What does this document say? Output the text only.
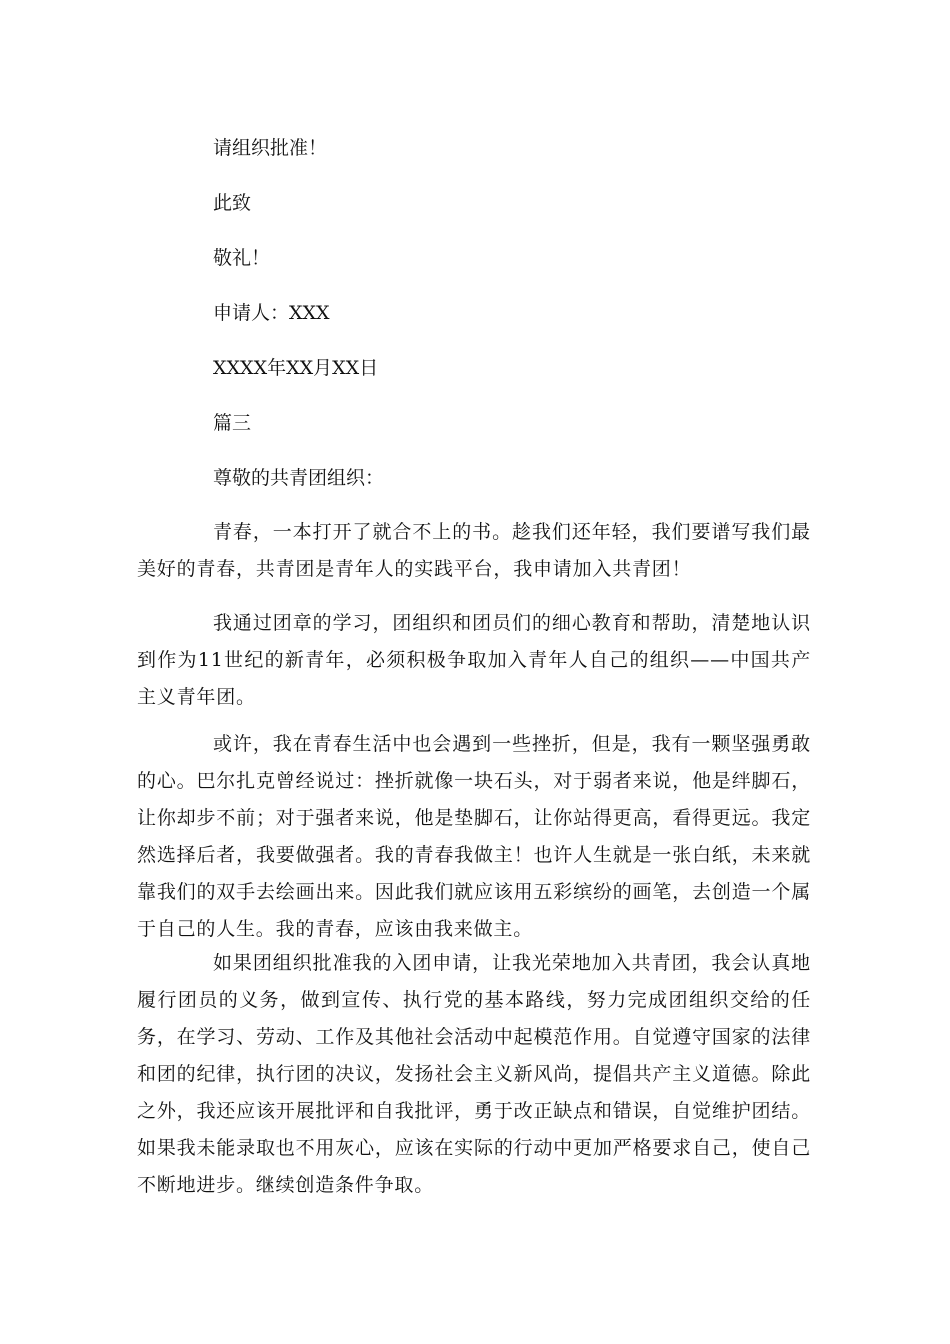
请组织批准！

此致

敬礼！

申请人：XXX

XXXX年XX月XX日

篇三

尊敬的共青团组织：

青春，一本打开了就合不上的书。趁我们还年轻，我们要谱写我们最美好的青春，共青团是青年人的实践平台，我申请加入共青团！

我通过团章的学习，团组织和团员们的细心教育和帮助，清楚地认识到作为11世纪的新青年，必须积极争取加入青年人自己的组织——中国共产主义青年团。

或许，我在青春生活中也会遇到一些挫折，但是，我有一颗坚强勇敢的心。巴尔扎克曾经说过：挫折就像一块石头，对于弱者来说，他是绊脚石，让你却步不前；对于强者来说，他是垫脚石，让你站得更高，看得更远。我定然选择后者，我要做强者。我的青春我做主！也许人生就是一张白纸，未来就靠我们的双手去绘画出来。因此我们就应该用五彩缤纷的画笔，去创造一个属于自己的人生。我的青春，应该由我来做主。

如果团组织批准我的入团申请，让我光荣地加入共青团，我会认真地履行团员的义务，做到宣传、执行党的基本路线，努力完成团组织交给的任务，在学习、劳动、工作及其他社会活动中起模范作用。自觉遵守国家的法律和团的纪律，执行团的决议，发扬社会主义新风尚，提倡共产主义道德。除此之外，我还应该开展批评和自我批评，勇于改正缺点和错误，自觉维护团结。如果我未能录取也不用灰心，应该在实际的行动中更加严格要求自己，使自己不断地进步。继续创造条件争取。
